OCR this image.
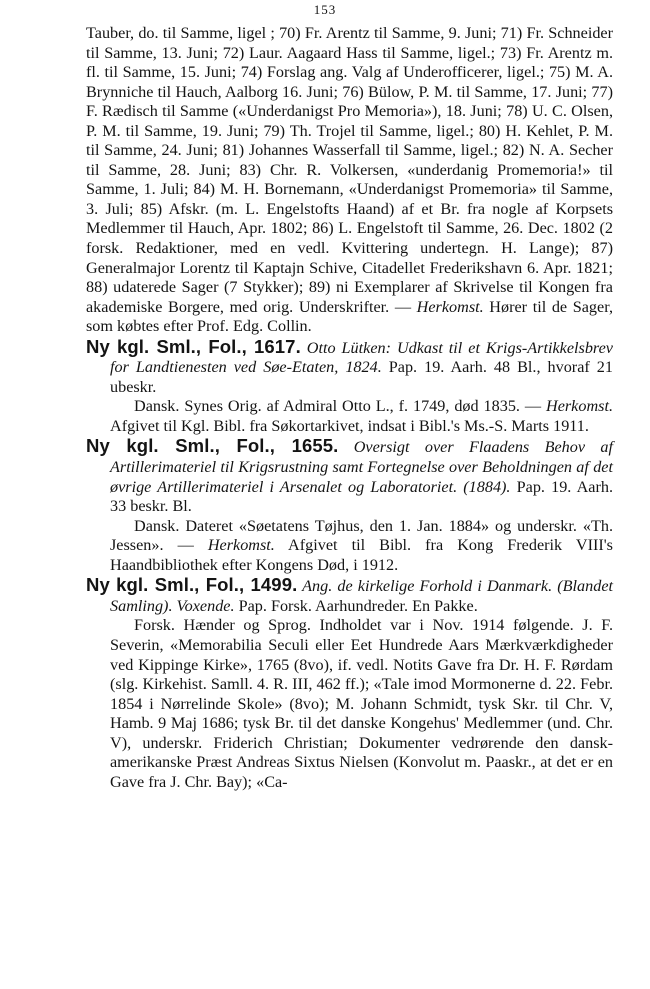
153

Tauber, do. til Samme, ligel ; 70) Fr. Arentz til Samme, 9. Juni; 71) Fr. Schneider til Samme, 13. Juni; 72) Laur. Aagaard Hass til Samme, ligel.; 73) Fr. Arentz m. fl. til Samme, 15. Juni; 74) Forslag ang. Valg af Underofficerer, ligel.; 75) M. A. Brynniche til Hauch, Aalborg 16. Juni; 76) Bülow, P. M. til Samme, 17. Juni; 77) F. Rædisch til Samme («Underdanigst Pro Memoria»), 18. Juni; 78) U. C. Olsen, P. M. til Samme, 19. Juni; 79) Th. Trojel til Samme, ligel.; 80) H. Kehlet, P. M. til Samme, 24. Juni; 81) Johannes Wasserfall til Samme, ligel.; 82) N. A. Secher til Samme, 28. Juni; 83) Chr. R. Volkersen, «underdanig Promemoria!» til Samme, 1. Juli; 84) M. H. Bornemann, «Underdanigst Promemoria» til Samme, 3. Juli; 85) Afskr. (m. L. Engelstofts Haand) af et Br. fra nogle af Korpsets Medlemmer til Hauch, Apr. 1802; 86) L. Engelstoft til Samme, 26. Dec. 1802 (2 forsk. Redaktioner, med en vedl. Kvittering undertegn. H. Lange); 87) Generalmajor Lorentz til Kaptajn Schive, Citadellet Frederikshavn 6. Apr. 1821; 88) udaterede Sager (7 Stykker); 89) ni Exemplarer af Skrivelse til Kongen fra akademiske Borgere, med orig. Underskrifter. — Herkomst. Hører til de Sager, som købtes efter Prof. Edg. Collin.

Ny kgl. Sml., Fol., 1617. Otto Lütken: Udkast til et Krigs-Artikkelsbrev for Landtienesten ved Søe-Etaten, 1824. Pap. 19. Aarh. 48 Bl., hvoraf 21 ubeskr.

Dansk. Synes Orig. af Admiral Otto L., f. 1749, død 1835. — Herkomst. Afgivet til Kgl. Bibl. fra Søkortarkivet, indsat i Bibl.'s Ms.-S. Marts 1911.

Ny kgl. Sml., Fol., 1655. Oversigt over Flaadens Behov af Artillerimateriel til Krigsrustning samt Fortegnelse over Beholdningen af det øvrige Artillerimateriel i Arsenalet og Laboratoriet. (1884). Pap. 19. Aarh. 33 beskr. Bl.

Dansk. Dateret «Søetatens Tøjhus, den 1. Jan. 1884» og underskr. «Th. Jessen». — Herkomst. Afgivet til Bibl. fra Kong Frederik VIII's Haandbibliothek efter Kongens Død, i 1912.

Ny kgl. Sml., Fol., 1499. Ang. de kirkelige Forhold i Danmark. (Blandet Samling). Voxende. Pap. Forsk. Aarhundreder. En Pakke.

Forsk. Hænder og Sprog. Indholdet var i Nov. 1914 følgende. J. F. Severin, «Memorabilia Seculi eller Eet Hundrede Aars Mærkværkdigheder ved Kippinge Kirke», 1765 (8vo), if. vedl. Notits Gave fra Dr. H. F. Rørdam (slg. Kirkehist. Samll. 4. R. III, 462 ff.); «Tale imod Mormonerne d. 22. Febr. 1854 i Nørrelinde Skole» (8vo); M. Johann Schmidt, tysk Skr. til Chr. V, Hamb. 9 Maj 1686; tysk Br. til det danske Kongehus' Medlemmer (und. Chr. V), underskr. Friderich Christian; Dokumenter vedrørende den dansk-amerikanske Præst Andreas Sixtus Nielsen (Konvolut m. Paaskr., at det er en Gave fra J. Chr. Bay); «Ca-
